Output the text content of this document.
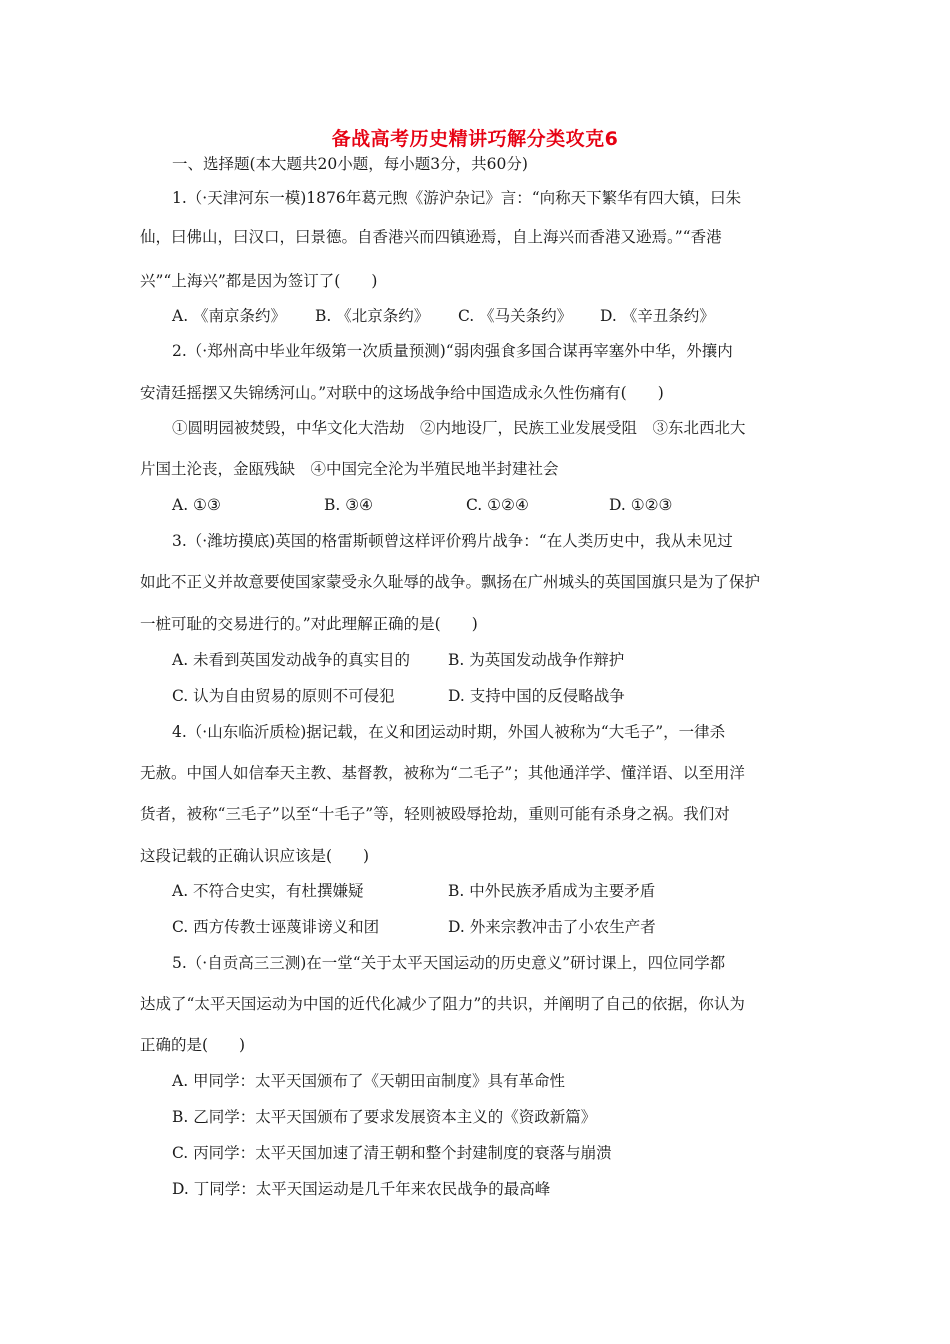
备战高考历史精讲巧解分类攻克6
一、选择题(本大题共20小题，每小题3分，共60分)
1.（·天津河东一模)1876年葛元煦《游沪杂记》言：“向称天下繁华有四大镇，曰朱
仙，曰佛山，曰汉口，曰景德。自香港兴而四镇逊焉，自上海兴而香港又逊焉。”“香港
兴”“上海兴”都是因为签订了(　　)
A. 《南京条约》 B. 《北京条约》 C. 《马关条约》 D. 《辛丑条约》
2.（·郑州高中毕业年级第一次质量预测)“弱肉强食多国合谋再宰塞外中华，外攘内
安清廷摇摆又失锦绣河山。”对联中的这场战争给中国造成永久性伤痛有(　　)
①圆明园被焚毁，中华文化大浩劫　②内地设厂，民族工业发展受阻　③东北西北大
片国土沦丧，金瓯残缺　④中国完全沦为半殖民地半封建社会
A. ①③	B. ③④	C. ①②④	D. ①②③
3.（·潍坊摸底)英国的格雷斯顿曾这样评价鸦片战争：“在人类历史中，我从未见过
如此不正义并故意要使国家蒙受永久耻辱的战争。飘扬在广州城头的英国国旗只是为了保护
一桩可耻的交易进行的。”对此理解正确的是(　　)
A. 未看到英国发动战争的真实目的 B. 为英国发动战争作辩护
C. 认为自由贸易的原则不可侵犯	D. 支持中国的反侵略战争
4.（·山东临沂质检)据记载，在义和团运动时期，外国人被称为“大毛子”，一律杀
无赦。中国人如信奉天主教、基督教，被称为“二毛子”；其他通洋学、懂洋语、以至用洋
货者，被称“三毛子”以至“十毛子”等，轻则被殴辱抢劫，重则可能有杀身之祸。我们对
这段记载的正确认识应该是(　　)
A. 不符合史实，有杜撰嫌疑	B. 中外民族矛盾成为主要矛盾
C. 西方传教士诬蔑诽谤义和团	D. 外来宗教冲击了小农生产者
5.（·自贡高三三测)在一堂“关于太平天国运动的历史意义”研讨课上，四位同学都
达成了“太平天国运动为中国的近代化减少了阻力”的共识，并阐明了自己的依据，你认为
正确的是(　　)
A. 甲同学：太平天国颁布了《天朝田亩制度》具有革命性
B. 乙同学：太平天国颁布了要求发展资本主义的《资政新篇》
C. 丙同学：太平天国加速了清王朝和整个封建制度的衰落与崩溃
D. 丁同学：太平天国运动是几千年来农民战争的最高峰
